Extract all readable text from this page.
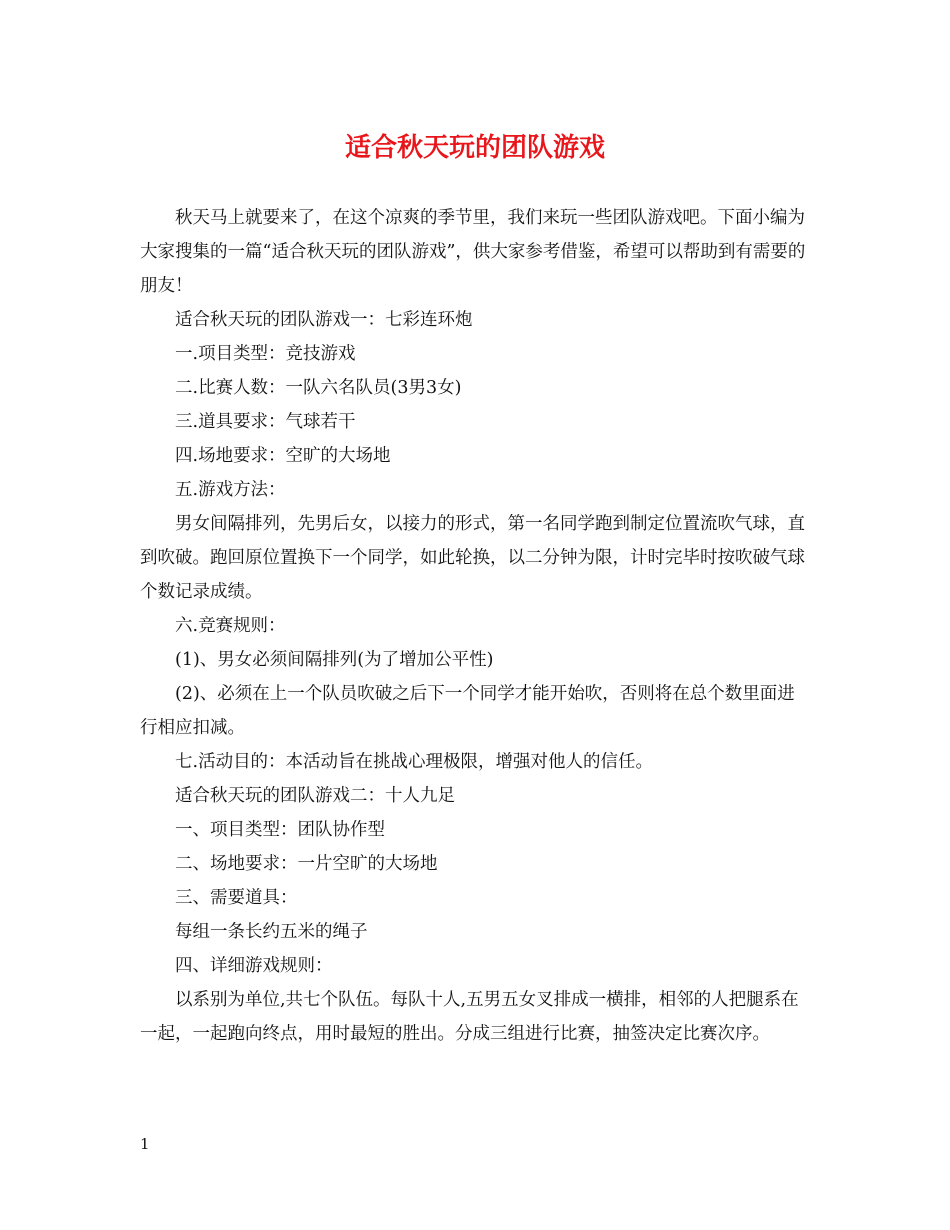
适合秋天玩的团队游戏

秋天马上就要来了，在这个凉爽的季节里，我们来玩一些团队游戏吧。下面小编为大家搜集的一篇“适合秋天玩的团队游戏”，供大家参考借鉴，希望可以帮助到有需要的朋友！

适合秋天玩的团队游戏一：七彩连环炮

一.项目类型：竞技游戏

二.比赛人数：一队六名队员(3男3女)

三.道具要求：气球若干

四.场地要求：空旷的大场地

五.游戏方法：

男女间隔排列，先男后女，以接力的形式，第一名同学跑到制定位置流吹气球，直到吹破。跑回原位置换下一个同学，如此轮换，以二分钟为限，计时完毕时按吹破气球个数记录成绩。

六.竞赛规则：

(1)、男女必须间隔排列(为了增加公平性)

(2)、必须在上一个队员吹破之后下一个同学才能开始吹，否则将在总个数里面进行相应扣减。

七.活动目的：本活动旨在挑战心理极限，增强对他人的信任。

适合秋天玩的团队游戏二：十人九足

一、项目类型：团队协作型

二、场地要求：一片空旷的大场地

三、需要道具：

每组一条长约五米的绳子

四、详细游戏规则：

以系别为单位,共七个队伍。每队十人,五男五女叉排成一横排，相邻的人把腿系在一起，一起跑向终点，用时最短的胜出。分成三组进行比赛，抽签决定比赛次序。

1
